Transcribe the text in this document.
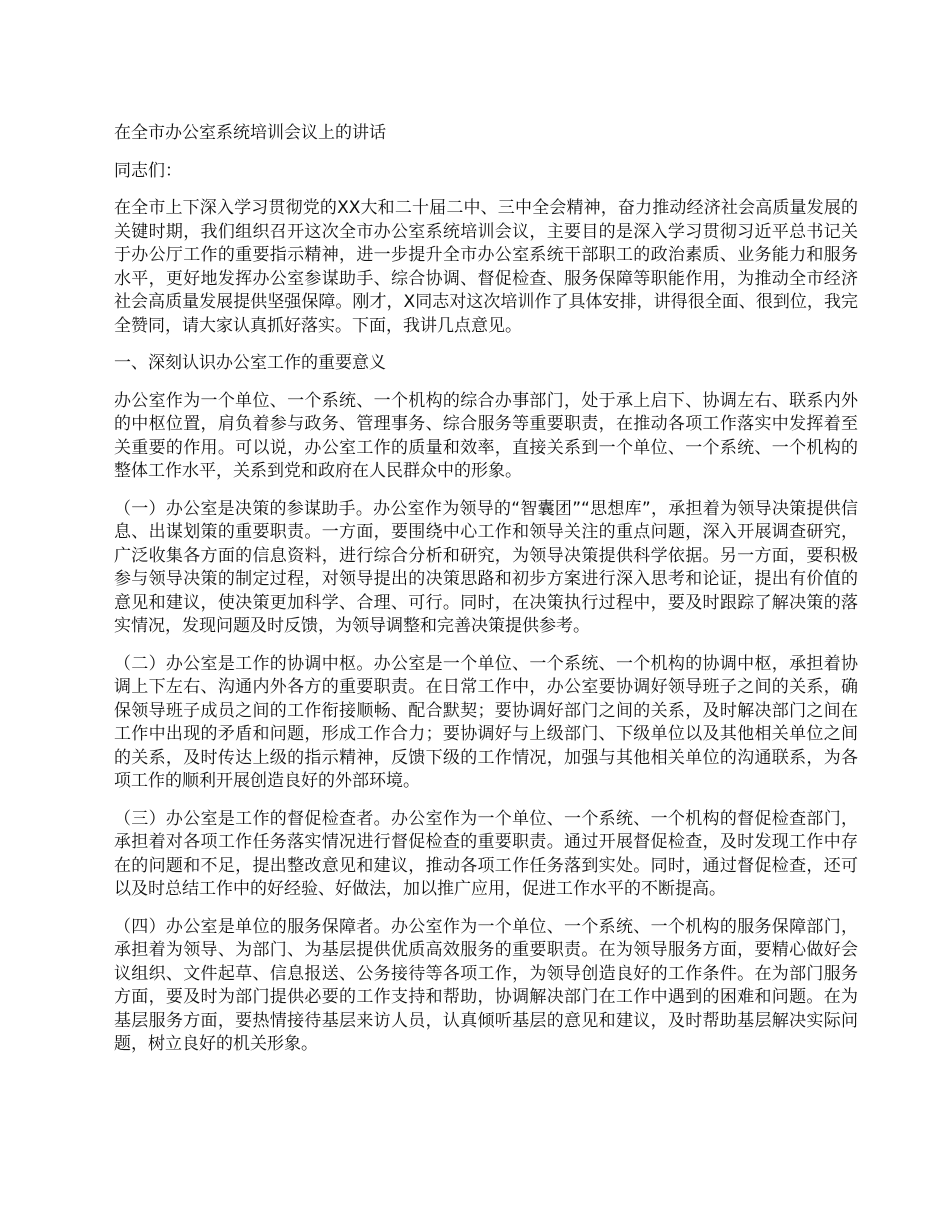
在全市办公室系统培训会议上的讲话

同志们：

在全市上下深入学习贯彻党的XX大和二十届二中、三中全会精神，奋力推动经济社会高质量发展的关键时期，我们组织召开这次全市办公室系统培训会议，主要目的是深入学习贯彻习近平总书记关于办公厅工作的重要指示精神，进一步提升全市办公室系统干部职工的政治素质、业务能力和服务水平，更好地发挥办公室参谋助手、综合协调、督促检查、服务保障等职能作用，为推动全市经济社会高质量发展提供坚强保障。刚才，X同志对这次培训作了具体安排，讲得很全面、很到位，我完全赞同，请大家认真抓好落实。下面，我讲几点意见。

一、深刻认识办公室工作的重要意义

办公室作为一个单位、一个系统、一个机构的综合办事部门，处于承上启下、协调左右、联系内外的中枢位置，肩负着参与政务、管理事务、综合服务等重要职责，在推动各项工作落实中发挥着至关重要的作用。可以说，办公室工作的质量和效率，直接关系到一个单位、一个系统、一个机构的整体工作水平，关系到党和政府在人民群众中的形象。

（一）办公室是决策的参谋助手。办公室作为领导的“智囊团”“思想库”，承担着为领导决策提供信息、出谋划策的重要职责。一方面，要围绕中心工作和领导关注的重点问题，深入开展调查研究，广泛收集各方面的信息资料，进行综合分析和研究，为领导决策提供科学依据。另一方面，要积极参与领导决策的制定过程，对领导提出的决策思路和初步方案进行深入思考和论证，提出有价值的意见和建议，使决策更加科学、合理、可行。同时，在决策执行过程中，要及时跟踪了解决策的落实情况，发现问题及时反馈，为领导调整和完善决策提供参考。

（二）办公室是工作的协调中枢。办公室是一个单位、一个系统、一个机构的协调中枢，承担着协调上下左右、沟通内外各方的重要职责。在日常工作中，办公室要协调好领导班子之间的关系，确保领导班子成员之间的工作衔接顺畅、配合默契；要协调好部门之间的关系，及时解决部门之间在工作中出现的矛盾和问题，形成工作合力；要协调好与上级部门、下级单位以及其他相关单位之间的关系，及时传达上级的指示精神，反馈下级的工作情况，加强与其他相关单位的沟通联系，为各项工作的顺利开展创造良好的外部环境。

（三）办公室是工作的督促检查者。办公室作为一个单位、一个系统、一个机构的督促检查部门，承担着对各项工作任务落实情况进行督促检查的重要职责。通过开展督促检查，及时发现工作中存在的问题和不足，提出整改意见和建议，推动各项工作任务落到实处。同时，通过督促检查，还可以及时总结工作中的好经验、好做法，加以推广应用，促进工作水平的不断提高。

（四）办公室是单位的服务保障者。办公室作为一个单位、一个系统、一个机构的服务保障部门，承担着为领导、为部门、为基层提供优质高效服务的重要职责。在为领导服务方面，要精心做好会议组织、文件起草、信息报送、公务接待等各项工作，为领导创造良好的工作条件。在为部门服务方面，要及时为部门提供必要的工作支持和帮助，协调解决部门在工作中遇到的困难和问题。在为基层服务方面，要热情接待基层来访人员，认真倾听基层的意见和建议，及时帮助基层解决实际问题，树立良好的机关形象。
